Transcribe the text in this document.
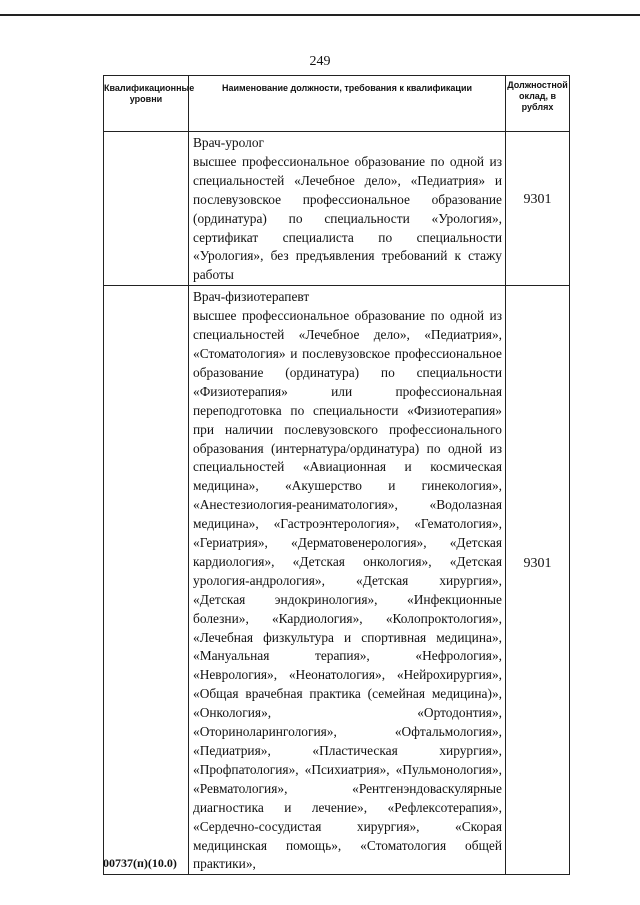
249
Квалификационные уровни	Наименование должности, требования к квалификации	Должностной оклад, в рублях

	Врач-уролог
высшее профессиональное образование по одной из специальностей «Лечебное дело», «Педиатрия» и послевузовское профессиональное образование (ординатура) по специальности «Урология», сертификат специалиста по специальности «Урология», без предъявления требований к стажу работы	9301

	Врач-физиотерапевт
высшее профессиональное образование по одной из специальностей «Лечебное дело», «Педиатрия», «Стоматология» и послевузовское профессиональное образование (ординатура) по специальности «Физиотерапия» или профессиональная переподготовка по специальности «Физиотерапия» при наличии послевузовского профессионального образования (интернатура/ординатура) по одной из специальностей «Авиационная и космическая медицина», «Акушерство и гинекология», «Анестезиология-реаниматология», «Водолазная медицина», «Гастроэнтерология», «Гематология», «Гериатрия», «Дерматовенерология», «Детская кардиология», «Детская онкология», «Детская урология-андрология», «Детская хирургия», «Детская эндокринология», «Инфекционные болезни», «Кардиология», «Колопроктология», «Лечебная физкультура и спортивная медицина», «Мануальная терапия», «Нефрология», «Неврология», «Неонатология», «Нейрохирургия», «Общая врачебная практика (семейная медицина)», «Онкология», «Ортодонтия», «Оториноларингология», «Офтальмология», «Педиатрия», «Пластическая хирургия», «Профпатология», «Психиатрия», «Пульмонология», «Ревматология», «Рентгенэндоваскулярные диагностика и лечение», «Рефлексотерапия», «Сердечно-сосудистая хирургия», «Скорая медицинская помощь», «Стоматология общей практики»,	9301
00737(п)(10.0)
